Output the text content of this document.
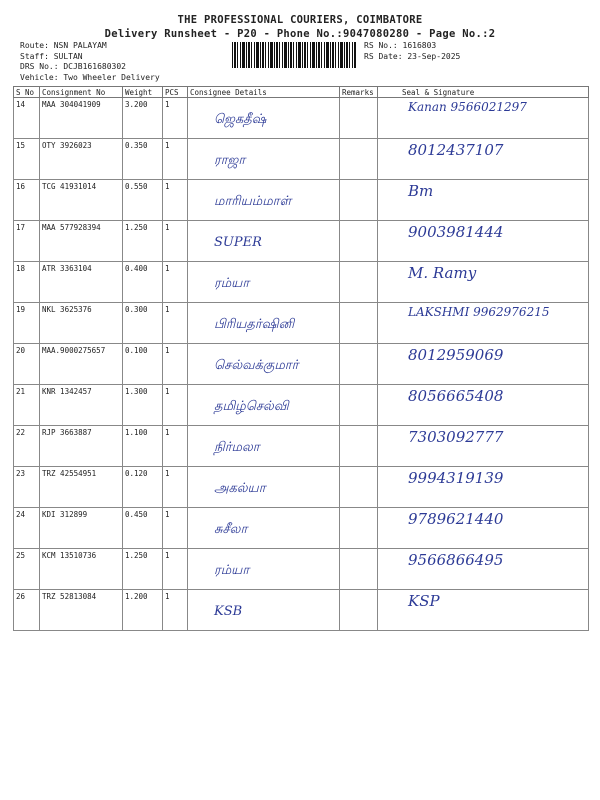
THE PROFESSIONAL COURIERS, COIMBATORE
Delivery Runsheet - P20 - Phone No.:9047080280 - Page No.:2
Route: NSN PALAYAM
Staff: SULTAN
DRS No.: DCJB161680302
Vehicle: Two Wheeler Delivery
RS No.: 1616803
RS Date: 23-Sep-2025
S No	Consignment No	Weight	PCS	Consignee Details	Remarks	Seal & Signature
14	MAA 304041909	3.200	1	ஜெகதீஷ்		Kanan 9566021297

15	OTY 3926023	0.350	1	ராஜா		8012437107

16	TCG 41931014	0.550	1	மாரியம்மாள்		Bm

17	MAA 577928394	1.250	1	SUPER		9003981444

18	ATR 3363104	0.400	1	ரம்யா		M. Ramy

19	NKL 3625376	0.300	1	பிரியதர்ஷினி		LAKSHMI 9962976215

20	MAA.9000275657	0.100	1	செல்வக்குமார்		8012959069

21	KNR 1342457	1.300	1	தமிழ்செல்வி		8056665408

22	RJP 3663887	1.100	1	நிர்மலா		7303092777

23	TRZ 42554951	0.120	1	அகல்யா		9994319139

24	KDI 312899	0.450	1	சுசீலா		9789621440

25	KCM 13510736	1.250	1	ரம்யா		9566866495

26	TRZ 52813084	1.200	1	KSB		KSP
